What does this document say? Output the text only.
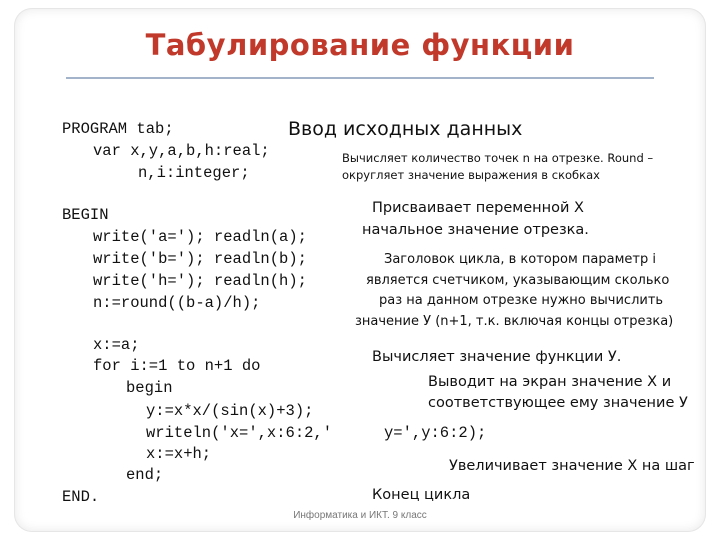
Табулирование функции
PROGRAM tab;
var x,y,a,b,h:real;
n,i:integer;
BEGIN
write('a='); readln(a);
write('b='); readln(b);
write('h='); readln(h);
n:=round((b-a)/h);
x:=a;
for i:=1 to n+1 do
begin
y:=x*x/(sin(x)+3);
writeln('x=',x:6:2,'	y=',y:6:2);
x:=x+h;
end;
END.
Ввод исходных данных
Вычисляет количество точек n на отрезке. Round –
округляет значение выражения в скобках
Присваивает переменной X
начальное значение отрезка.
Заголовок цикла, в котором параметр i
является счетчиком, указывающим сколько
раз на данном отрезке нужно вычислить
значение У (n+1, т.к. включая концы отрезка)
Вычисляет значение функции У.
Выводит на экран значение Х и
соответствующее ему значение У
Увеличивает значение Х на шаг
Конец цикла
Информатика и ИКТ. 9 класс
